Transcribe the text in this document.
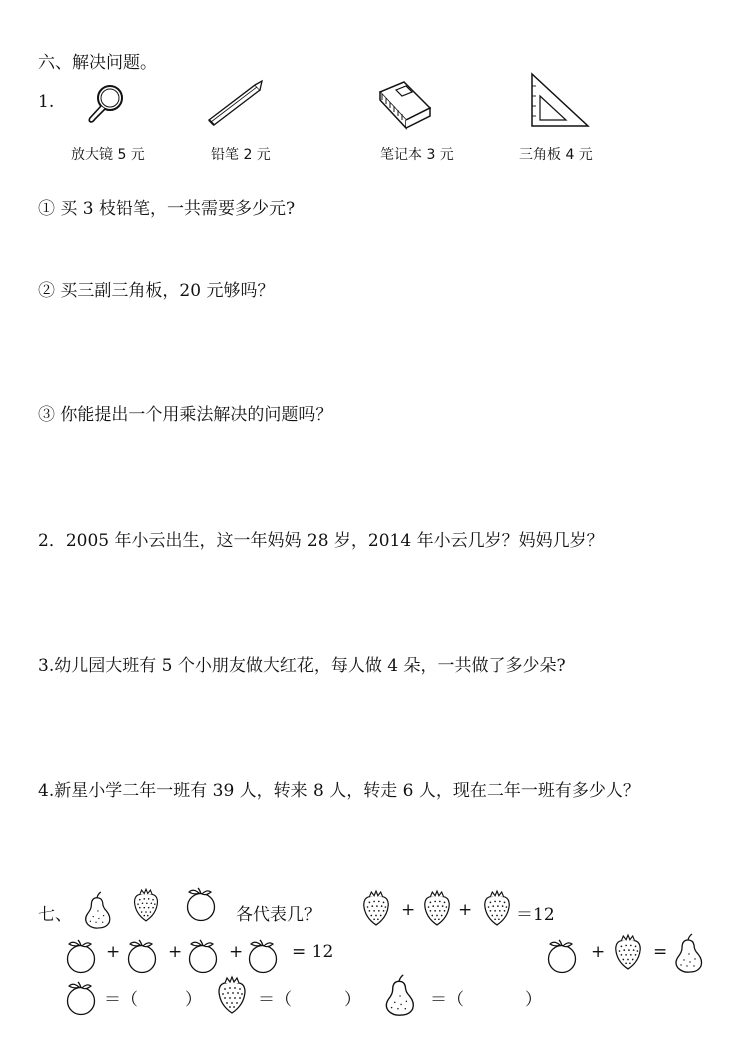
六、解决问题。
1.
放大镜 5 元	铅笔 2 元	笔记本 3 元	三角板 4 元
① 买 3 枝铅笔，一共需要多少元?
② 买三副三角板，20 元够吗？
③ 你能提出一个用乘法解决的问题吗？
2．2005 年小云出生，这一年妈妈 28 岁，2014 年小云几岁？妈妈几岁？
3.幼儿园大班有 5 个小朋友做大红花，每人做 4 朵，一共做了多少朵?
4.新星小学二年一班有 39 人，转来 8 人，转走 6 人，现在二年一班有多少人？
七、	各代表几？	+	+	＝12
+	+	+	= 12	+	=
＝（	）	＝（	）	＝（	）
